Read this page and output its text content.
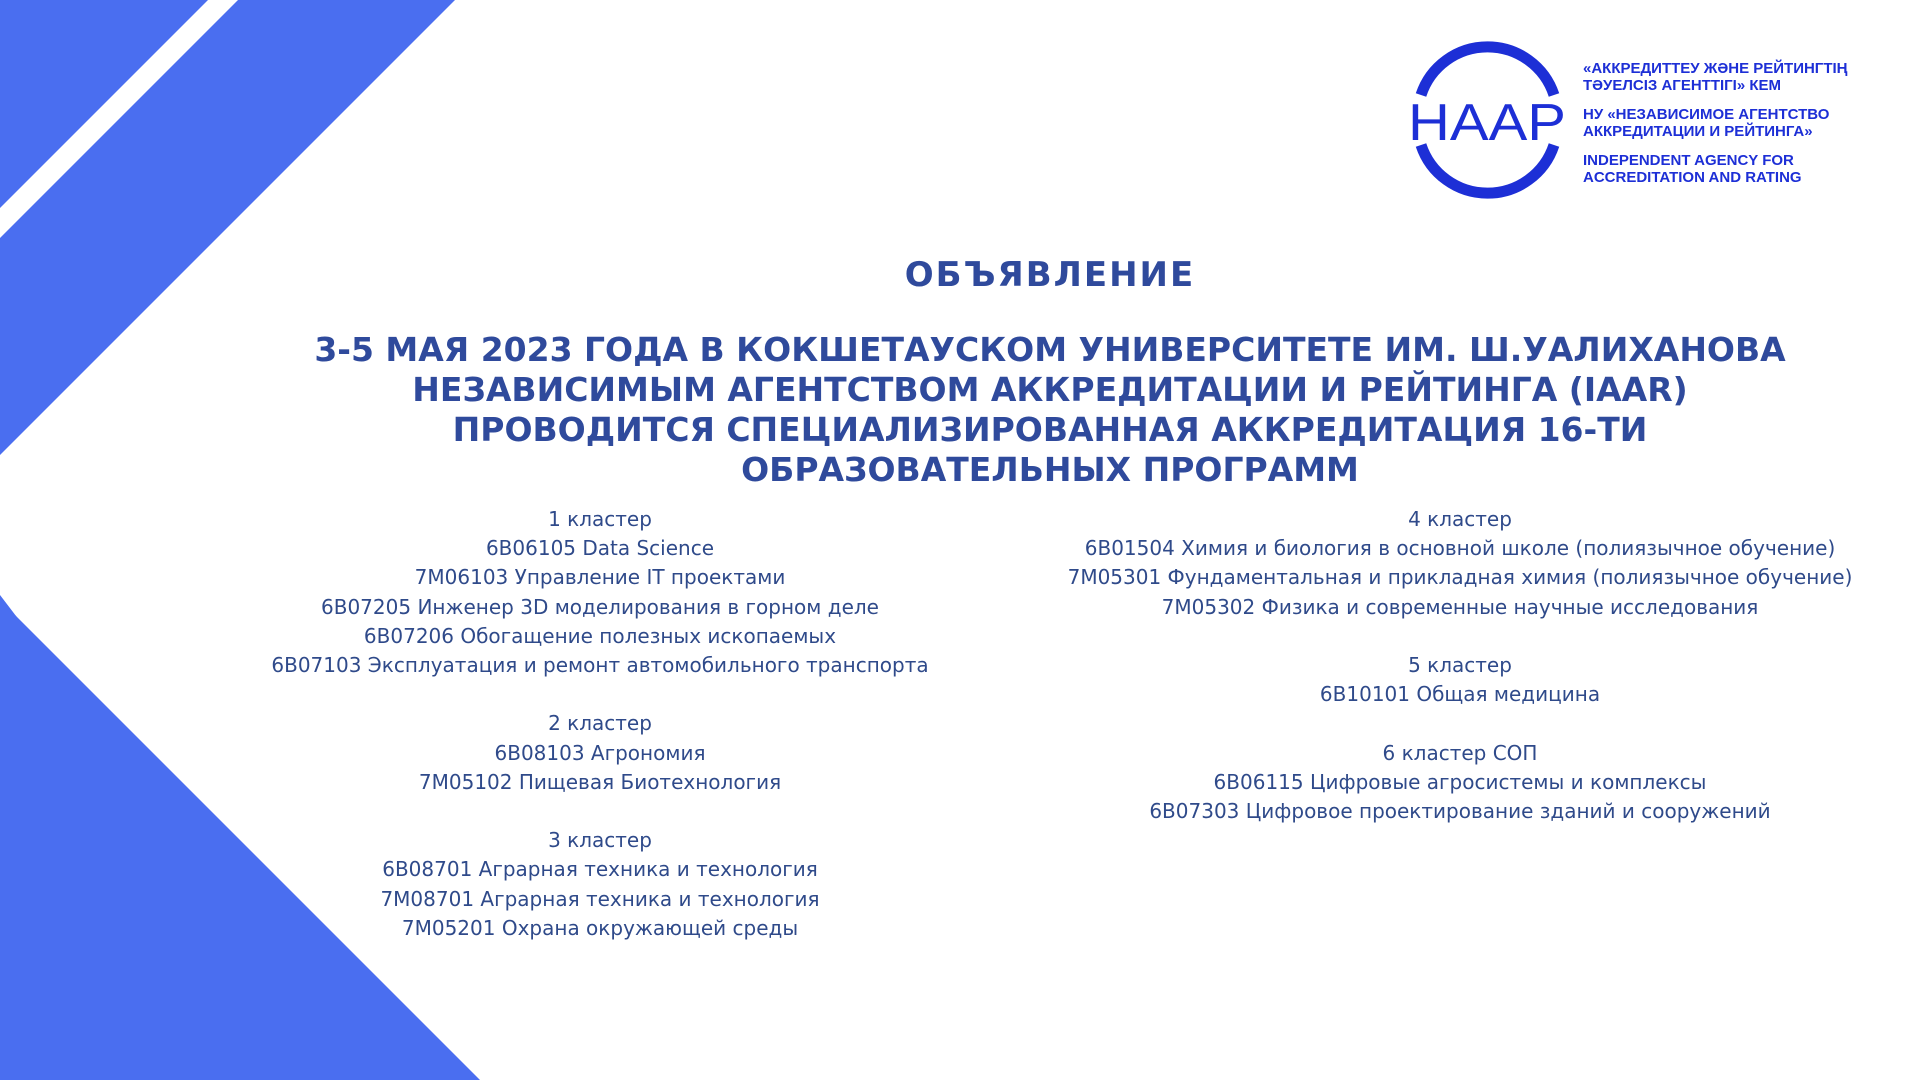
НААР
«АККРЕДИТТЕУ ЖӘНЕ РЕЙТИНГТІҢ
ТӘУЕЛСІЗ АГЕНТТІГІ» КЕМ
НУ «НЕЗАВИСИМОЕ АГЕНТСТВО
АККРЕДИТАЦИИ И РЕЙТИНГА»
INDEPENDENT AGENCY FOR
ACCREDITATION AND RATING
ОБЪЯВЛЕНИЕ
3-5 МАЯ 2023 ГОДА В КОКШЕТАУСКОМ УНИВЕРСИТЕТЕ ИМ. Ш.УАЛИХАНОВА
НЕЗАВИСИМЫМ АГЕНТСТВОМ АККРЕДИТАЦИИ И РЕЙТИНГА (IAAR)
ПРОВОДИТСЯ СПЕЦИАЛИЗИРОВАННАЯ АККРЕДИТАЦИЯ 16-ТИ
ОБРАЗОВАТЕЛЬНЫХ ПРОГРАММ
1 кластер
6В06105 Data Science
7M06103 Управление IT проектами
6В07205 Инженер 3D моделирования в горном деле
6В07206 Обогащение полезных ископаемых
6В07103 Эксплуатация и ремонт автомобильного транспорта
2 кластер
6В08103 Агрономия
7M05102 Пищевая Биотехнология
3 кластер
6В08701 Аграрная техника и технология
7M08701 Аграрная техника и технология
7M05201 Охрана окружающей среды
4 кластер
6В01504 Химия и биология в основной школе (полиязычное обучение)
7M05301 Фундаментальная и прикладная химия (полиязычное обучение)
7M05302 Физика и современные научные исследования
5 кластер
6В10101 Общая медицина
6 кластер СОП
6В06115 Цифровые агросистемы и комплексы
6В07303 Цифровое проектирование зданий и сооружений
